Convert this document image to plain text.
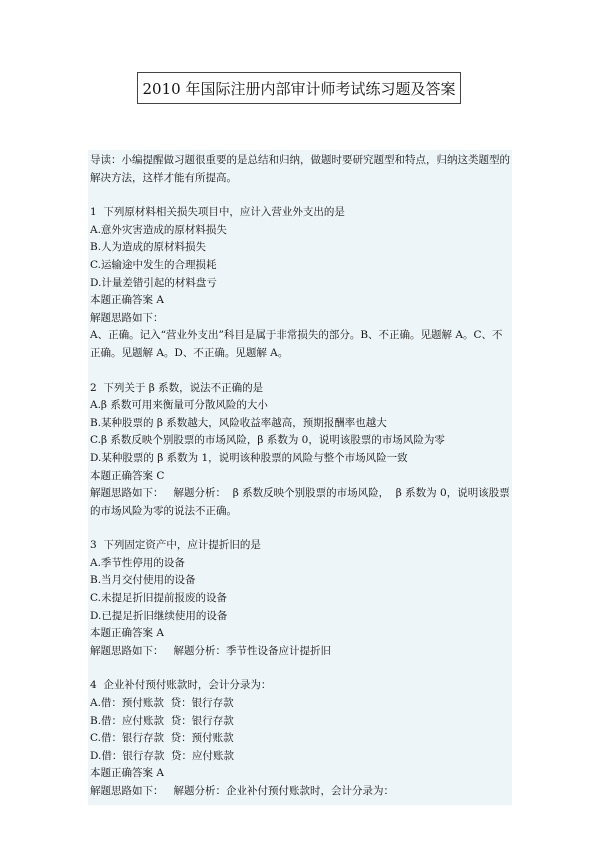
2010 年国际注册内部审计师考试练习题及答案

导读：小编提醒做习题很重要的是总结和归纳，做题时要研究题型和特点，归纳这类题型的解决方法，这样才能有所提高。

1  下列原材料相关损失项目中，应计入营业外支出的是

A.意外灾害造成的原材料损失

B.人为造成的原材料损失

C.运输途中发生的合理损耗

D.计量差错引起的材料盘亏

本题正确答案 A

解题思路如下：

A、正确。记入“营业外支出”科目是属于非常损失的部分。B、不正确。见题解 A。C、不正确。见题解 A。D、不正确。见题解 A。

2  下列关于 β 系数，说法不正确的是

A.β 系数可用来衡量可分散风险的大小

B.某种股票的 β 系数越大，风险收益率越高，预期报酬率也越大

C.β 系数反映个别股票的市场风险，β 系数为 0，说明该股票的市场风险为零

D.某种股票的 β 系数为 1，说明该种股票的风险与整个市场风险一致

本题正确答案 C

解题思路如下：   解题分析：  β 系数反映个别股票的市场风险，  β 系数为 0，说明该股票的市场风险为零的说法不正确。

3  下列固定资产中，应计提折旧的是

A.季节性停用的设备

B.当月交付使用的设备

C.未提足折旧提前报废的设备

D.已提足折旧继续使用的设备

本题正确答案 A

解题思路如下：   解题分析：季节性设备应计提折旧

4  企业补付预付账款时，会计分录为：

A.借：预付账款  贷：银行存款

B.借：应付账款  贷：银行存款

C.借：银行存款  贷：预付账款

D.借：银行存款  贷：应付账款

本题正确答案 A

解题思路如下：   解题分析：企业补付预付账款时，会计分录为：
